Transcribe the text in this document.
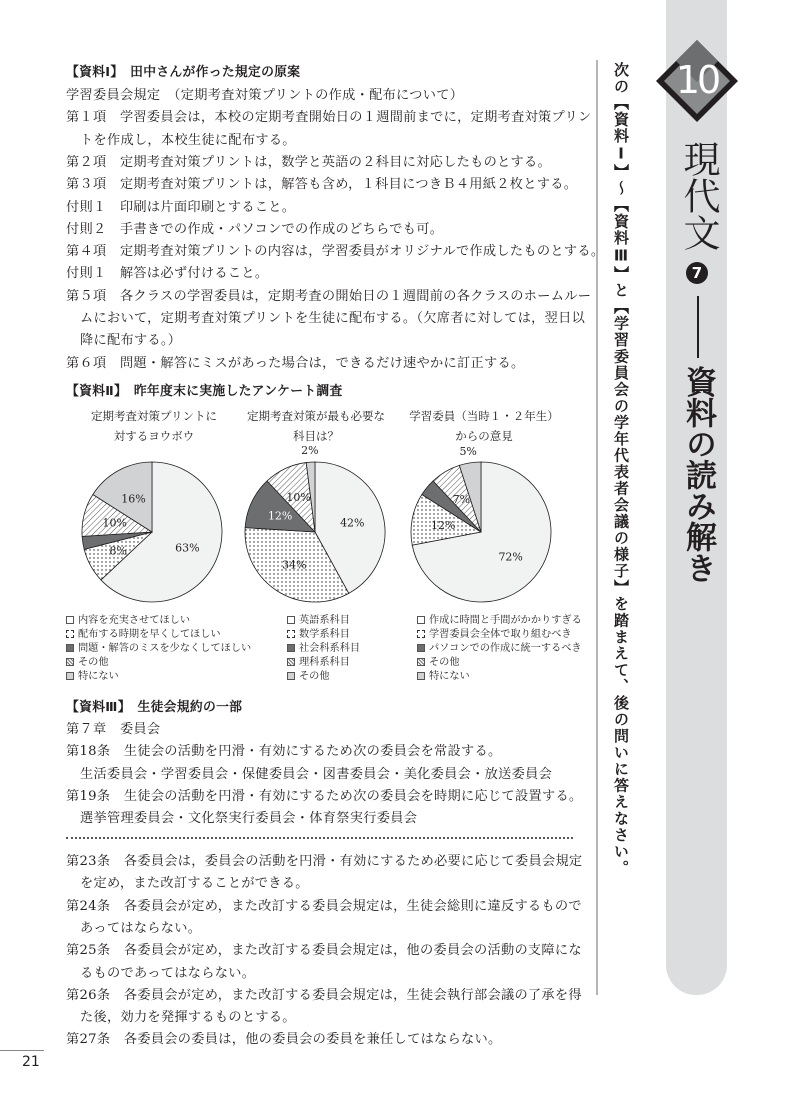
10
現代文
7
資料の読み解き
次の【資料Ⅰ】〜【資料Ⅲ】と【学習委員会の学年代表者会議の様子】を踏まえて、後の問いに答えなさい。
【資料Ⅰ】　田中さんが作った規定の原案
学習委員会規定　（定期考査対策プリントの作成・配布について）
第１項　学習委員会は，本校の定期考査開始日の１週間前までに，定期考査対策プリン
トを作成し，本校生徒に配布する。
第２項　定期考査対策プリントは，数学と英語の２科目に対応したものとする。
第３項　定期考査対策プリントは，解答も含め，１科目につきＢ４用紙２枚とする。
付則１　印刷は片面印刷とすること。
付則２　手書きでの作成・パソコンでの作成のどちらでも可。
第４項　定期考査対策プリントの内容は，学習委員がオリジナルで作成したものとする。
付則１　解答は必ず付けること。
第５項　各クラスの学習委員は，定期考査の開始日の１週間前の各クラスのホームルー
ムにおいて，定期考査対策プリントを生徒に配布する。（欠席者に対しては，翌日以
降に配布する。）
第６項　問題・解答にミスがあった場合は，できるだけ速やかに訂正する。
【資料Ⅱ】　昨年度末に実施したアンケート調査
定期考査対策プリントに
対するヨウボウ
定期考査対策が最も必要な
科目は？
学習委員（当時１・２年生）
からの意見
63%
8%
3%
10%
16%
42%
34%
12%
10%
2%
72%
12%
4%
7%
5%
内容を充実させてほしい
配布する時期を早くしてほしい
問題・解答のミスを少なくしてほしい
その他
特にない
英語系科目
数学系科目
社会科系科目
理科系科目
その他
作成に時間と手間がかかりすぎる
学習委員会全体で取り組むべき
パソコンでの作成に統一するべき
その他
特にない
【資料Ⅲ】　生徒会規約の一部
第７章　委員会
第18条　生徒会の活動を円滑・有効にするため次の委員会を常設する。
生活委員会・学習委員会・保健委員会・図書委員会・美化委員会・放送委員会
第19条　生徒会の活動を円滑・有効にするため次の委員会を時期に応じて設置する。
選挙管理委員会・文化祭実行委員会・体育祭実行委員会
第23条　各委員会は，委員会の活動を円滑・有効にするため必要に応じて委員会規定
を定め，また改訂することができる。
第24条　各委員会が定め，また改訂する委員会規定は，生徒会総則に違反するもので
あってはならない。
第25条　各委員会が定め，また改訂する委員会規定は，他の委員会の活動の支障にな
るものであってはならない。
第26条　各委員会が定め，また改訂する委員会規定は，生徒会執行部会議の了承を得
た後，効力を発揮するものとする。
第27条　各委員会の委員は，他の委員会の委員を兼任してはならない。
21
